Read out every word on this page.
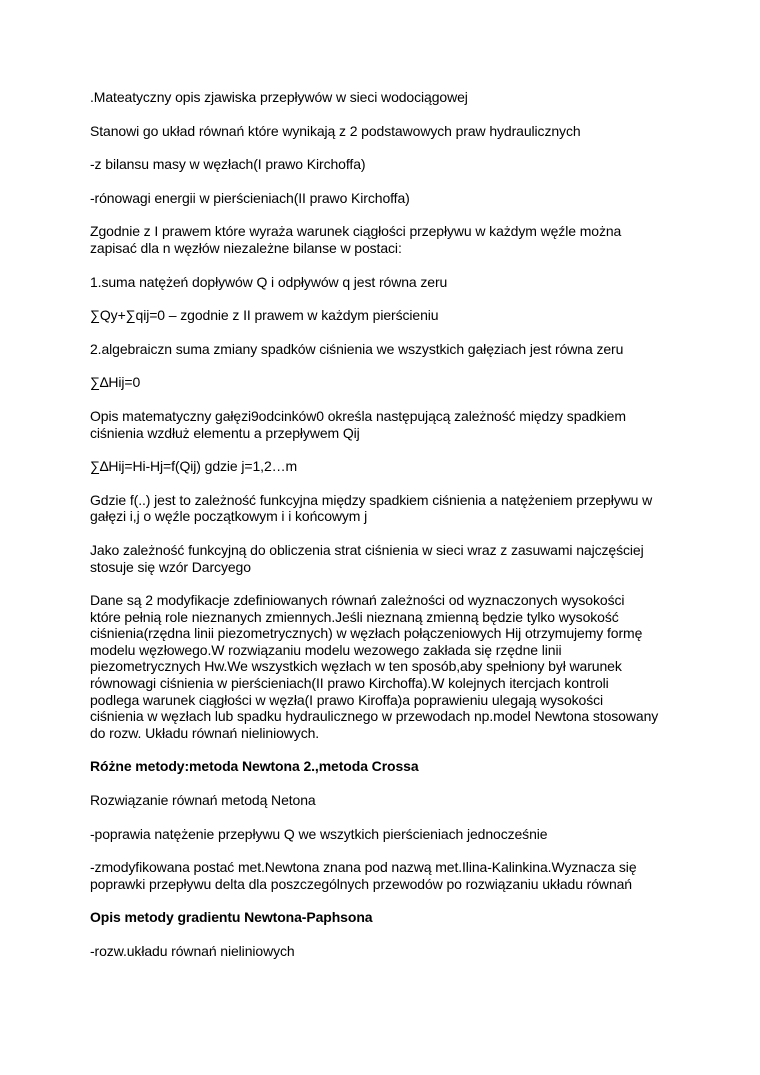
.Mateatyczny opis zjawiska przepływów w sieci wodociągowej
Stanowi go układ równań które wynikają z 2 podstawowych praw hydraulicznych
-z bilansu masy w węzłach(I prawo Kirchoffa)
-rónowagi energii w pierścieniach(II prawo Kirchoffa)
Zgodnie z I prawem które wyraża warunek ciągłości przepływu w każdym węźle można
zapisać dla n węzłów niezależne bilanse w postaci:
1.suma natężeń dopływów Q i odpływów q jest równa zeru
∑Qy+∑qij=0 – zgodnie z II prawem w każdym pierścieniu
2.algebraiczn suma zmiany spadków ciśnienia we wszystkich gałęziach jest równa zeru
∑∆Hij=0
Opis matematyczny gałęzi9odcinków0 określa następującą zależność między spadkiem
ciśnienia wzdłuż elementu a przepływem Qij
∑∆Hij=Hi-Hj=f(Qij) gdzie j=1,2…m
Gdzie f(..) jest to zależność funkcyjna między spadkiem ciśnienia a natężeniem przepływu w
gałęzi i,j o węźle początkowym i i końcowym j
Jako zależność funkcyjną do obliczenia strat ciśnienia w sieci wraz z zasuwami najczęściej
stosuje się wzór Darcyego
Dane są 2 modyfikacje zdefiniowanych równań zależności od wyznaczonych wysokości
które pełnią role nieznanych zmiennych.Jeśli nieznaną zmienną będzie tylko wysokość
ciśnienia(rzędna linii piezometrycznych) w węzłach połączeniowych Hij otrzymujemy formę
modelu węzłowego.W rozwiązaniu modelu wezowego zakłada się rzędne linii
piezometrycznych Hw.We wszystkich węzłach w ten sposób,aby spełniony był warunek
rόwnowagi ciśnienia w pierścieniach(II prawo Kirchoffa).W kolejnych itercjach kontroli
podlega warunek ciągłości w węzła(I prawo Kiroffa)a poprawieniu ulegają wysokości
ciśnienia w węzłach lub spadku hydraulicznego w przewodach np.model Newtona stosowany
do rozw. Układu równań nieliniowych.
Różne metody:metoda Newtona 2.,metoda Crossa
Rozwiązanie równań metodą Netona
-poprawia natężenie przepływu Q we wszytkich pierścieniach jednocześnie
-zmodyfikowana postać met.Newtona znana pod nazwą met.Ilina-Kalinkina.Wyznacza się
poprawki przepływu delta dla poszczególnych przewodów po rozwiązaniu układu równań
Opis metody gradientu Newtona-Paphsona
-rozw.układu równań nieliniowych
